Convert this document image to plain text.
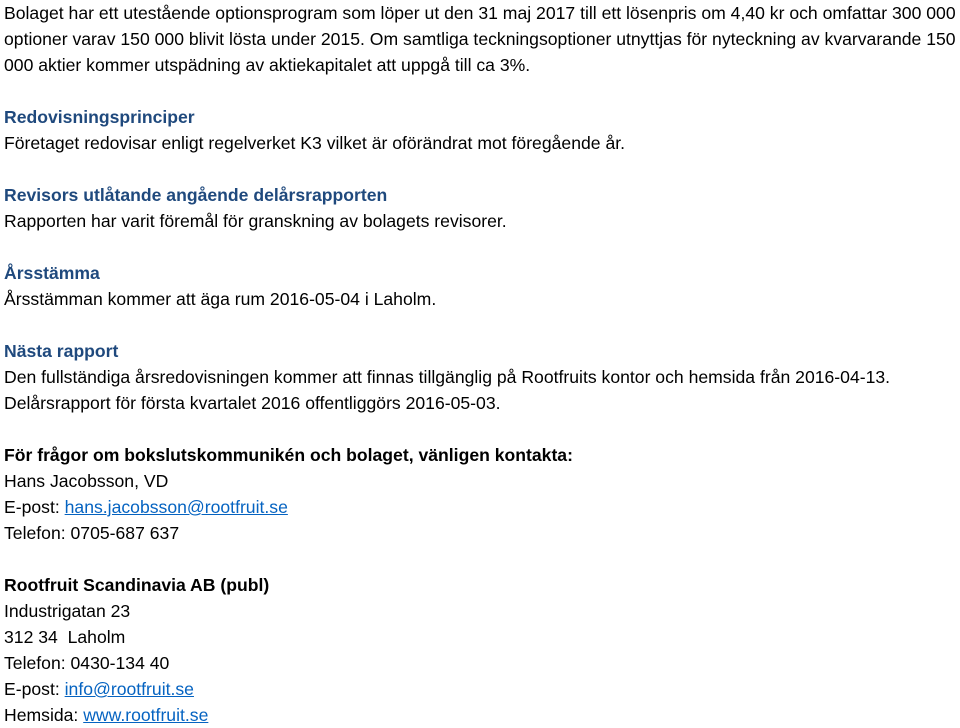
Bolaget har ett utestående optionsprogram som löper ut den 31 maj 2017 till ett lösenpris om 4,40 kr och omfattar 300 000 optioner varav 150 000 blivit lösta under 2015. Om samtliga teckningsoptioner utnyttjas för nyteckning av kvarvarande 150 000 aktier kommer utspädning av aktiekapitalet att uppgå till ca 3%.

Redovisningsprinciper

Företaget redovisar enligt regelverket K3 vilket är oförändrat mot föregående år.

Revisors utlåtande angående delårsrapporten

Rapporten har varit föremål för granskning av bolagets revisorer.

Årsstämma

Årsstämman kommer att äga rum 2016-05-04 i Laholm.

Nästa rapport

Den fullständiga årsredovisningen kommer att finnas tillgänglig på Rootfruits kontor och hemsida från 2016-04-13. Delårsrapport för första kvartalet 2016 offentliggörs 2016-05-03.

För frågor om bokslutskommunikén och bolaget, vänligen kontakta:

Hans Jacobsson, VD

E-post: hans.jacobsson@rootfruit.se

Telefon: 0705-687 637

Rootfruit Scandinavia AB (publ)

Industrigatan 23

312 34  Laholm

Telefon: 0430-134 40

E-post: info@rootfruit.se

Hemsida: www.rootfruit.se
